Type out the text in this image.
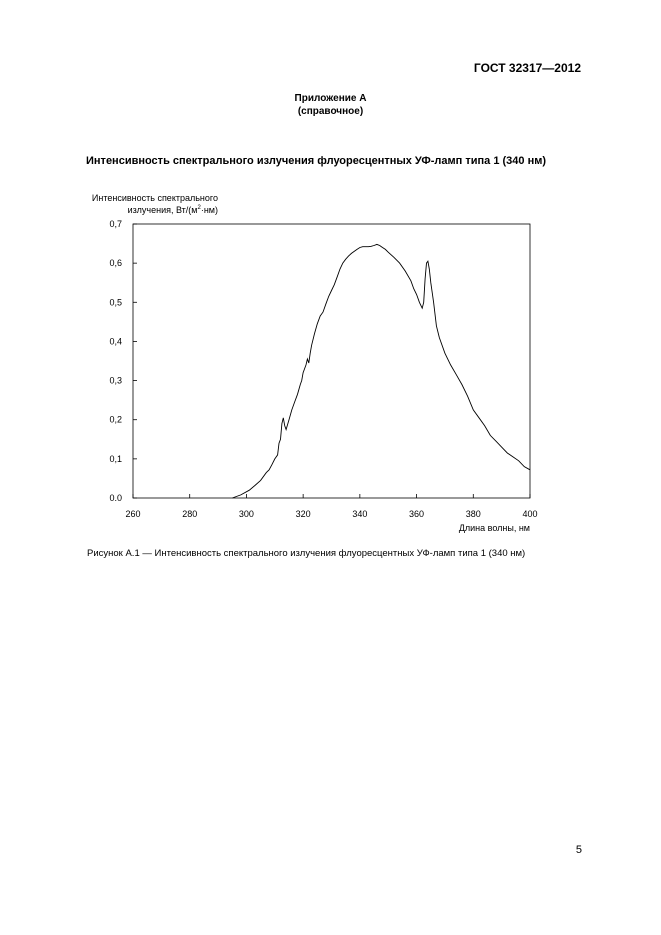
ГОСТ 32317—2012
Приложение А
(справочное)
Интенсивность спектрального излучения флуоресцентных УФ-ламп типа 1 (340 нм)
Интенсивность спектрального
излучения, $Вт/(м^2\cdot нм)$
260	280	300	320	340	360	380	400
0.0
0,1
0,2
0,3
0,4
0,5
0,6
0,7
Длина волны, нм
Рисунок А.1 — Интенсивность спектрального излучения флуоресцентных УФ-ламп типа 1 (340 нм)
5
